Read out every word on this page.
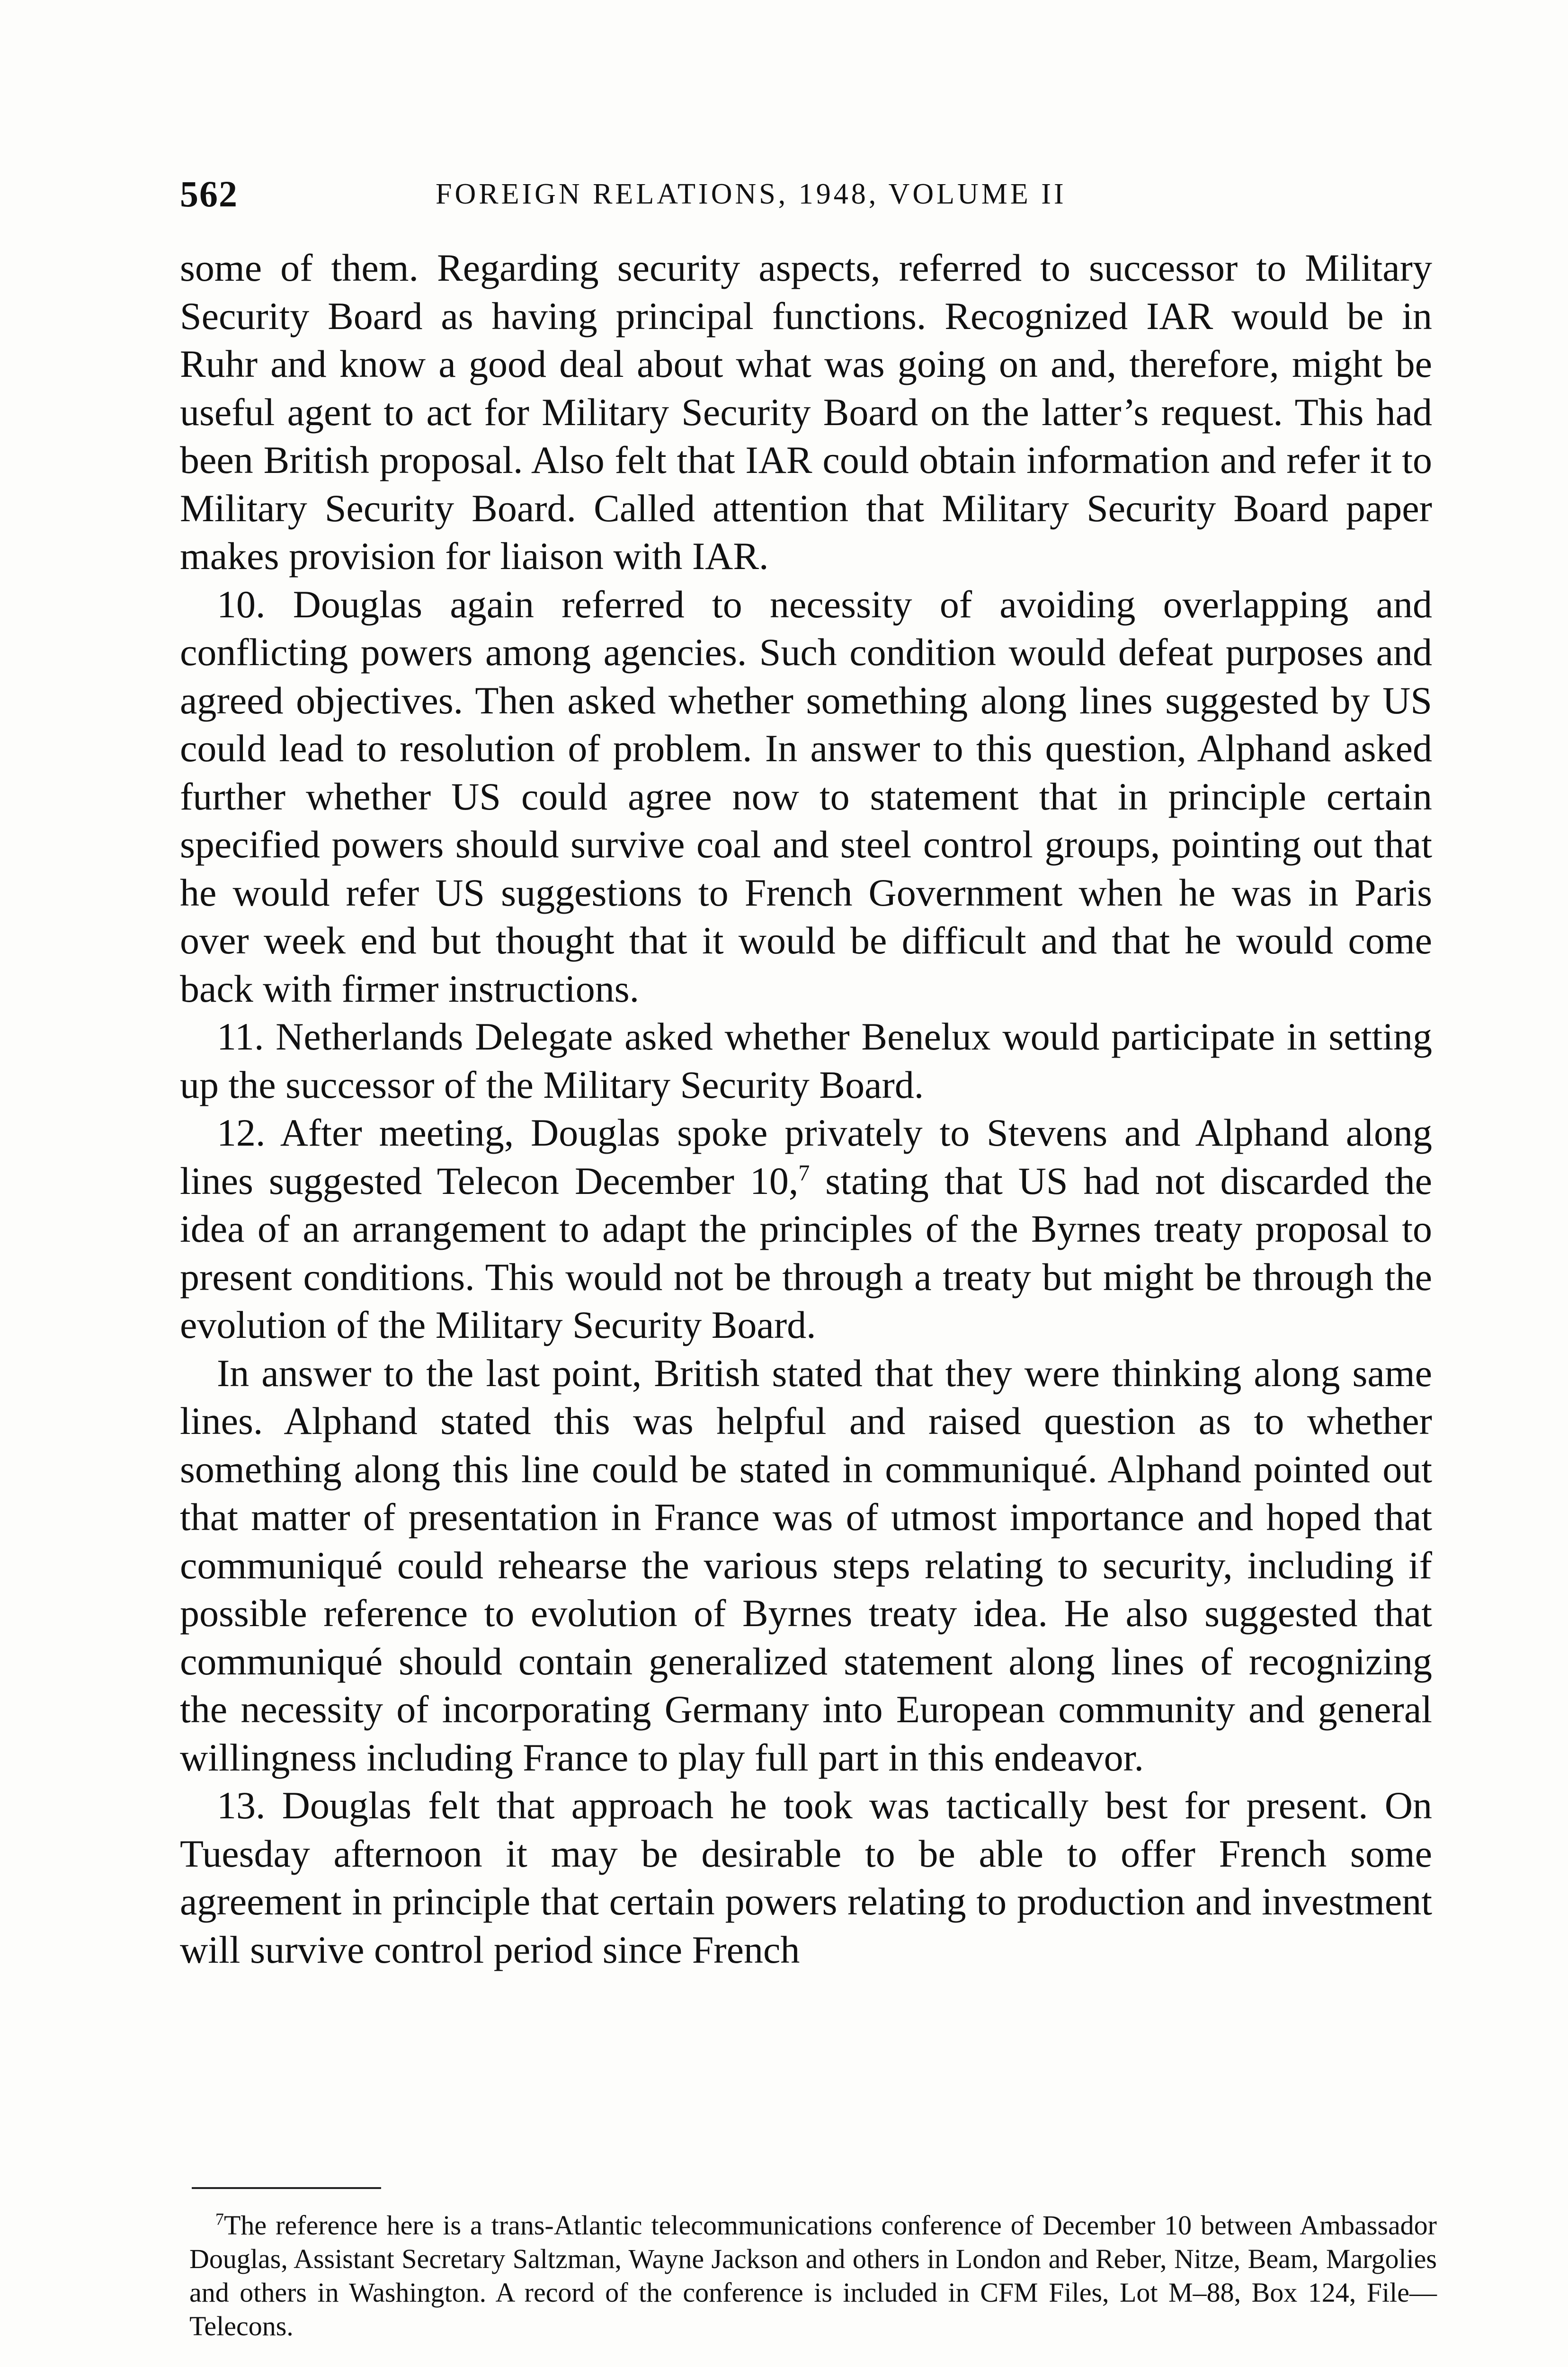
562	FOREIGN RELATIONS, 1948, VOLUME II

some of them. Regarding security aspects, referred to successor to Military Security Board as having principal functions. Recognized IAR would be in Ruhr and know a good deal about what was going on and, therefore, might be useful agent to act for Military Security Board on the latter’s request. This had been British proposal. Also felt that IAR could obtain information and refer it to Military Security Board. Called attention that Military Security Board paper makes provision for liaison with IAR.

10. Douglas again referred to necessity of avoiding overlapping and conflicting powers among agencies. Such condition would defeat purposes and agreed objectives. Then asked whether something along lines suggested by US could lead to resolution of problem. In answer to this question, Alphand asked further whether US could agree now to statement that in principle certain specified powers should survive coal and steel control groups, pointing out that he would refer US suggestions to French Government when he was in Paris over week end but thought that it would be difficult and that he would come back with firmer instructions.

11. Netherlands Delegate asked whether Benelux would participate in setting up the successor of the Military Security Board.

12. After meeting, Douglas spoke privately to Stevens and Alphand along lines suggested Telecon December 10,$^7$ stating that US had not discarded the idea of an arrangement to adapt the principles of the Byrnes treaty proposal to present conditions. This would not be through a treaty but might be through the evolution of the Military Security Board.

In answer to the last point, British stated that they were thinking along same lines. Alphand stated this was helpful and raised question as to whether something along this line could be stated in communiqué. Alphand pointed out that matter of presentation in France was of utmost importance and hoped that communiqué could rehearse the various steps relating to security, including if possible reference to evolution of Byrnes treaty idea. He also suggested that communiqué should contain generalized statement along lines of recognizing the necessity of incorporating Germany into European community and general willingness including France to play full part in this endeavor.

13. Douglas felt that approach he took was tactically best for present. On Tuesday afternoon it may be desirable to be able to offer French some agreement in principle that certain powers relating to production and investment will survive control period since French

$^7$The reference here is a trans-Atlantic telecommunications conference of December 10 between Ambassador Douglas, Assistant Secretary Saltzman, Wayne Jackson and others in London and Reber, Nitze, Beam, Margolies and others in Washington. A record of the conference is included in CFM Files, Lot M–88, Box 124, File—Telecons.
